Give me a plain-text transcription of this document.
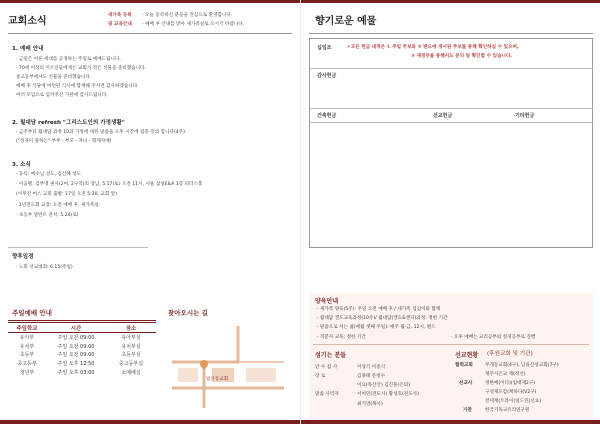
교회소식
새가족 등록 - 오늘 등록하신 분들을 진심으로 환영합니다.
및 교육안내 - 예배 후 안내를 받아 새가족실로 오시기 바랍니다.
1. 예배 안내
· 금일은 어른 세대를 공경하는 주일로 예배드립니다.
· 70세 이상의 어르신들에게는 교회가 작은 선물을 준비했습니다.
중고등부에서도 선물을 준비했습니다.
예배 후 식당에 마련된 식사에 함께해 주시면 감사하겠습니다.
여러 모임으로 섬겨주신 기관에 감사드립니다.
2. 월대담 refresh "그리스도인의 가정생활"
· 금주부터 월대담 과정 10과 가정에 대한 말씀을 오후 시간에 집중 강의 합니다(4주).
("성경이 말하는" 부부 - 부모 - 자녀 - 형제자매)
3. 소식
· 등록: 예수님 성도, 김신혜 성도
· 이음별: 김부영 권사(2여, 2구역)의 장남, 5.17(토) 오전 11시, 서울 삼성E&A 1층 피더스홀
(이무진 버스 교회 출발: 17일 오전 5:30, 교회 앞)
· 1년전도회 교장: 오전 예배 후, 새가족실.
· 초등부 달란트 잔치: 5.24(토)
향후일정
· 노회 선교대회: 6.15(주일)
주일예배 안내
주일학교	시간	장소
유아부	주일 오전 09:00	유아부실
유치부	주일 오전 09:00	유치부실
초등부	주일 오전 09:00	초등부실
중고등부	주일 오후 12:50	중고등부실
청년부	주일 오후 03:00	소예배실
찾아오시는 길
일산동교회
향기로운 예물
십일조	✔모든 헌금 내역은 ① 주일 주보와 ② 밴드에 게시된 주보를 통해 확인하실 수 있으며,
③ 재정부를 통해서도 문의 및 확인할 수 있습니다.
감사헌금
건축헌금	선교헌금	기타헌금
양육안내
· 새가족 양육(5주): 주일 오전 예배 후 / 새가족 섬김이와 함께
· 월대담 캔도교육과정(10주)/ 월대담(캔도&캔디)과정: 정한 기간
· 말씀으로 서는 삶(매월 셋째 주일): 매주 월·금, 12시, 밴드
· 직분자 교육: 정한 기간	· 오후 예배는 교리공부와 성경공부로 진행
섬기는 분들
안 수 집 사	이상기 이중식
장 로	김종태 문창수
이요(목산산) 김진훈(은퇴)
말씀 사역자	서여민(전도사) 황성호(전도사)
최기영(목사)
선교현황 (후원교회 및 기관)
협력교회	무개동교회(4구), 남을산성교회(7구)
제주시은교 재(정선)
선교사	정한예(이디)(임대재2구)
구성제도감(케하다(V2구)
전세계(트라이(일드린(선요)
기관	한국기독교유리연구원
